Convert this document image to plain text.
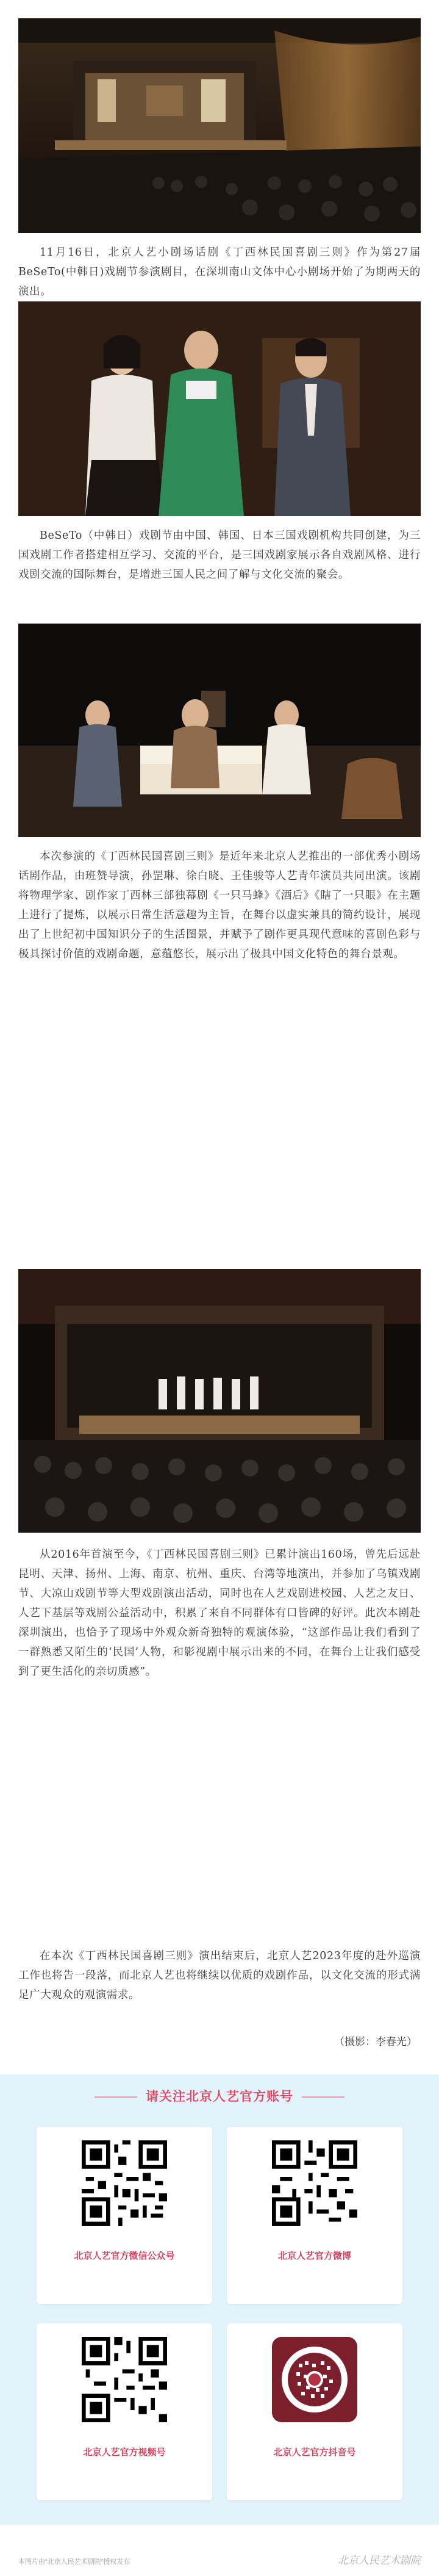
11月16日，北京人艺小剧场话剧《丁西林民国喜剧三则》作为第27届BeSeTo(中韩日)戏剧节参演剧目，在深圳南山文体中心小剧场开始了为期两天的演出。

BeSeTo（中韩日）戏剧节由中国、韩国、日本三国戏剧机构共同创建，为三国戏剧工作者搭建相互学习、交流的平台，是三国戏剧家展示各自戏剧风格、进行戏剧交流的国际舞台，是增进三国人民之间了解与文化交流的聚会。

本次参演的《丁西林民国喜剧三则》是近年来北京人艺推出的一部优秀小剧场话剧作品，由班赞导演，孙罡琳、徐白晓、王佳骏等人艺青年演员共同出演。该剧将物理学家、剧作家丁西林三部独幕剧《一只马蜂》《酒后》《瞎了一只眼》在主题上进行了提炼，以展示日常生活意趣为主旨，在舞台以虚实兼具的简约设计，展现出了上世纪初中国知识分子的生活图景，并赋予了剧作更具现代意味的喜剧色彩与极具探讨价值的戏剧命题，意蕴悠长，展示出了极具中国文化特色的舞台景观。

从2016年首演至今，《丁西林民国喜剧三则》已累计演出160场，曾先后远赴昆明、天津、扬州、上海、南京、杭州、重庆、台湾等地演出，并参加了乌镇戏剧节、大凉山戏剧节等大型戏剧演出活动，同时也在人艺戏剧进校园、人艺之友日、人艺下基层等戏剧公益活动中，积累了来自不同群体有口皆碑的好评。此次本剧赴深圳演出，也恰予了现场中外观众新奇独特的观演体验，“这部作品让我们看到了一群熟悉又陌生的‘民国’人物，和影视剧中展示出来的不同，在舞台上让我们感受到了更生活化的亲切质感”。

在本次《丁西林民国喜剧三则》演出结束后，北京人艺2023年度的赴外巡演工作也将告一段落，而北京人艺也将继续以优质的戏剧作品，以文化交流的形式满足广大观众的观演需求。

（摄影：李春光）
请关注北京人艺官方账号
北京人艺官方微信公众号	北京人艺官方微博
北京人艺官方视频号	北京人艺官方抖音号
本图片由“北京人民艺术剧院”授权发布	北京人民艺术剧院
